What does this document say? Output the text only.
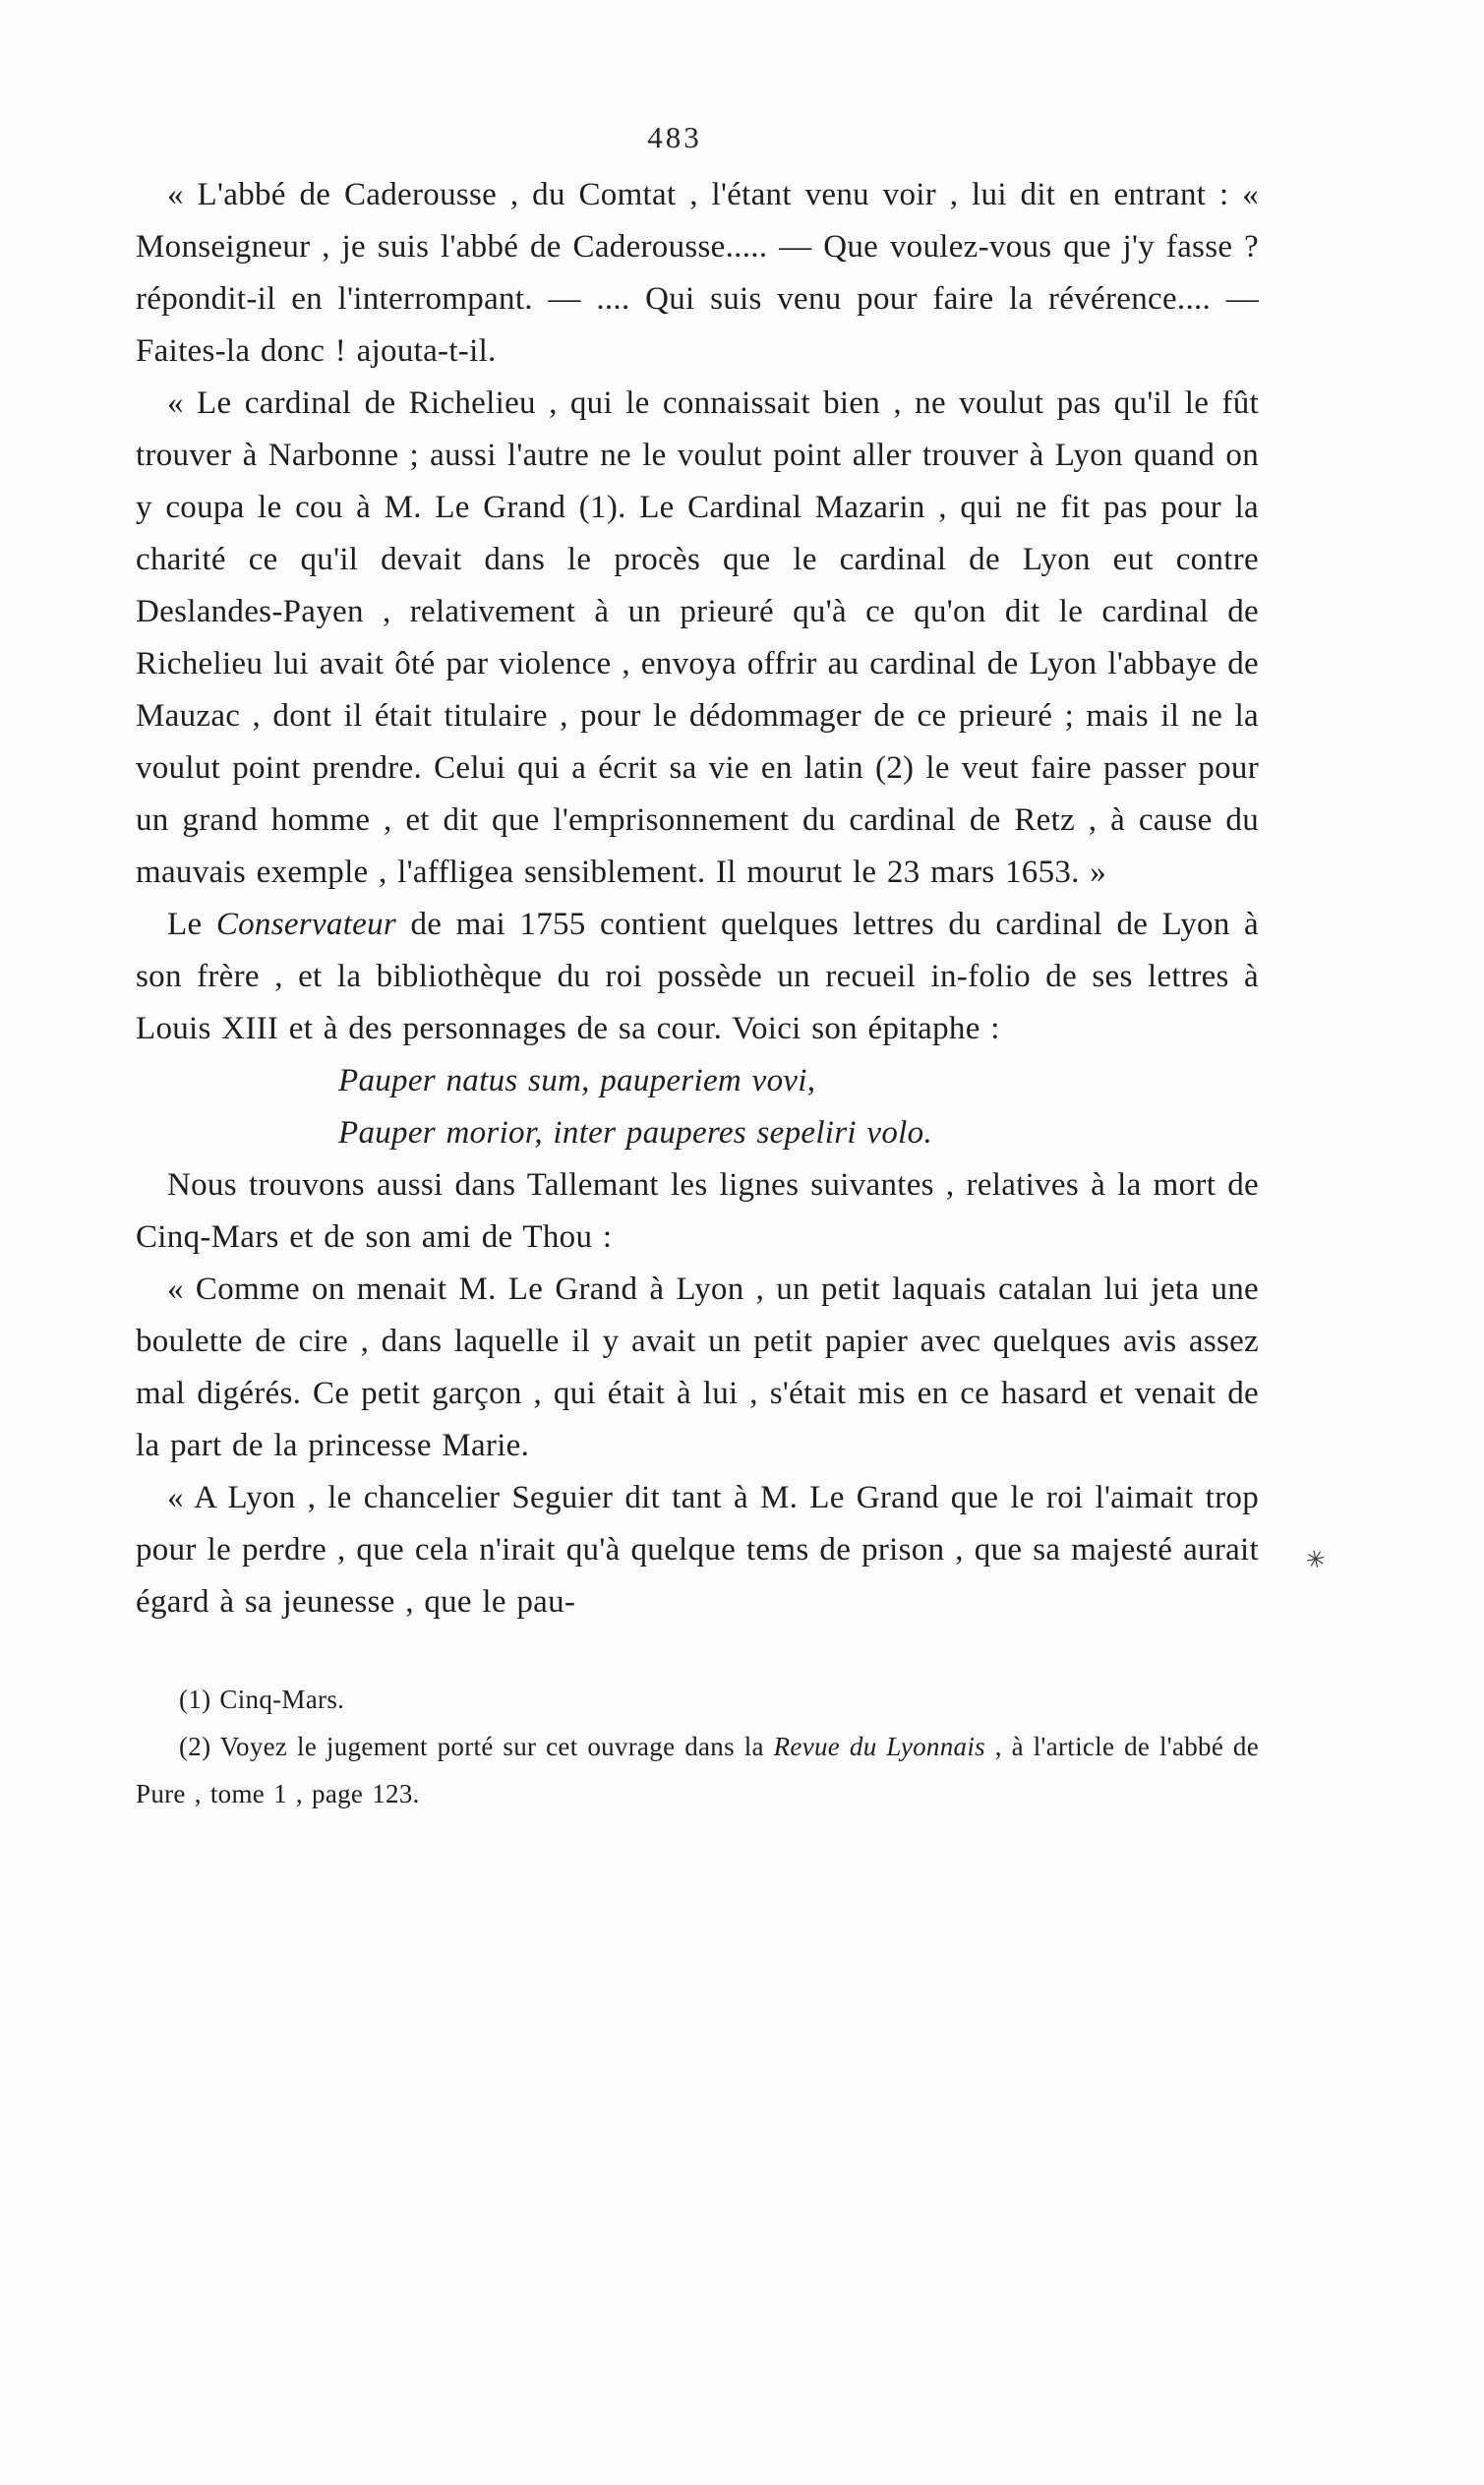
483

« L'abbé de Caderousse , du Comtat , l'étant venu voir , lui dit en entrant : « Monseigneur , je suis l'abbé de Caderousse..... — Que voulez-vous que j'y fasse ? répondit-il en l'interrompant. — .... Qui suis venu pour faire la révérence.... — Faites-la donc ! ajouta-t-il.

« Le cardinal de Richelieu , qui le connaissait bien , ne voulut pas qu'il le fût trouver à Narbonne ; aussi l'autre ne le voulut point aller trouver à Lyon quand on y coupa le cou à M. Le Grand (1). Le Cardinal Mazarin , qui ne fit pas pour la charité ce qu'il devait dans le procès que le cardinal de Lyon eut contre Deslandes-Payen , relativement à un prieuré qu'à ce qu'on dit le cardinal de Richelieu lui avait ôté par violence , envoya offrir au cardinal de Lyon l'abbaye de Mauzac , dont il était titulaire , pour le dédommager de ce prieuré ; mais il ne la voulut point prendre. Celui qui a écrit sa vie en latin (2) le veut faire passer pour un grand homme , et dit que l'emprisonnement du cardinal de Retz , à cause du mauvais exemple , l'affligea sensiblement. Il mourut le 23 mars 1653. »

Le Conservateur de mai 1755 contient quelques lettres du cardinal de Lyon à son frère , et la bibliothèque du roi possède un recueil in-folio de ses lettres à Louis XIII et à des personnages de sa cour. Voici son épitaphe :

Pauper natus sum, pauperiem vovi,
Pauper morior, inter pauperes sepeliri volo.

Nous trouvons aussi dans Tallemant les lignes suivantes , relatives à la mort de Cinq-Mars et de son ami de Thou :

« Comme on menait M. Le Grand à Lyon , un petit laquais catalan lui jeta une boulette de cire , dans laquelle il y avait un petit papier avec quelques avis assez mal digérés. Ce petit garçon , qui était à lui , s'était mis en ce hasard et venait de la part de la princesse Marie.

« A Lyon , le chancelier Seguier dit tant à M. Le Grand que le roi l'aimait trop pour le perdre , que cela n'irait qu'à quelque tems de prison , que sa majesté aurait égard à sa jeunesse , que le pau-

(1) Cinq-Mars.

(2) Voyez le jugement porté sur cet ouvrage dans la Revue du Lyonnais , à l'article de l'abbé de Pure , tome 1 , page 123.

✳
